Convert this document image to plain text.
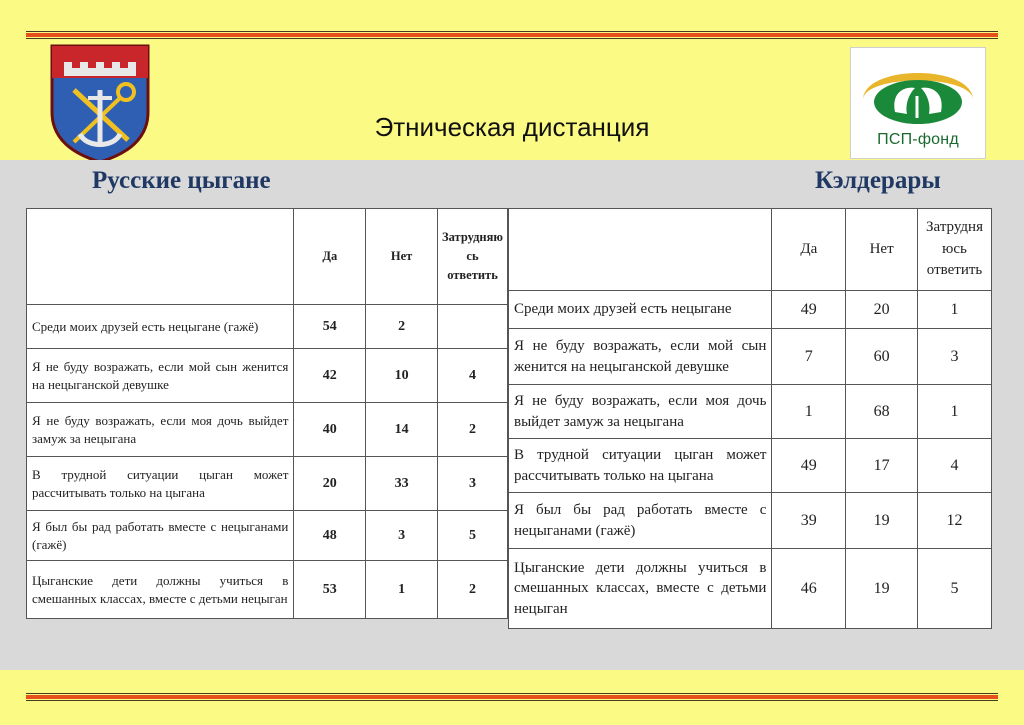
Этническая дистанция	ПСП-фонд
Русские цыгане	Кэлдерары
	Да	Нет	Затрудняю
сь
ответить
Среди моих друзей есть нецыгане (гажё)	54	2	
Я не буду возражать, если мой сын женится на нецыганской девушке	42	10	4
Я не буду возражать, если моя дочь выйдет замуж за нецыгана	40	14	2
В трудной ситуации цыган может рассчитывать только на цыгана	20	33	3
Я был бы рад работать вместе с нецыганами (гажё)	48	3	5
Цыганские дети должны учиться в смешанных классах, вместе с детьми нецыган	53	1	2
	Да	Нет	Затрудня
юсь
ответить
Среди моих друзей есть нецыгане	49	20	1
Я не буду возражать, если мой сын женится на нецыганской девушке	7	60	3
Я не буду возражать, если моя дочь выйдет замуж за нецыгана	1	68	1
В трудной ситуации цыган может рассчитывать только на цыгана	49	17	4
Я был бы рад работать вместе с нецыганами (гажё)	39	19	12
Цыганские дети должны учиться в смешанных классах, вместе с детьми нецыган	46	19	5
